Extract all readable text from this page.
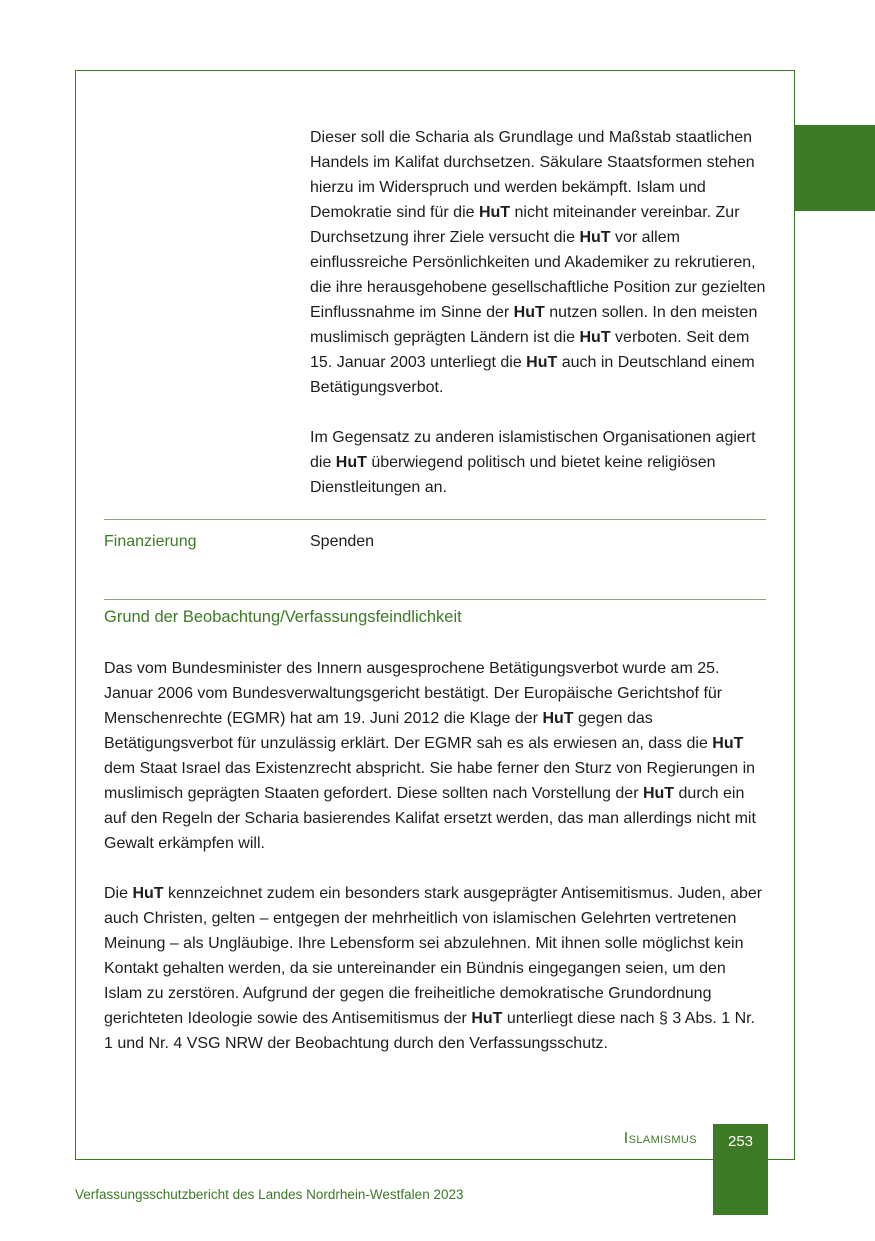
Dieser soll die Scharia als Grundlage und Maßstab staatlichen Handels im Kalifat durchsetzen. Säkulare Staatsformen stehen hierzu im Widerspruch und werden bekämpft. Islam und Demokratie sind für die HuT nicht miteinander vereinbar. Zur Durchsetzung ihrer Ziele versucht die HuT vor allem einflussreiche Persönlichkeiten und Akademiker zu rekrutieren, die ihre herausgehobene gesellschaftliche Position zur gezielten Einflussnahme im Sinne der HuT nutzen sollen. In den meisten muslimisch geprägten Ländern ist die HuT verboten. Seit dem 15. Januar 2003 unterliegt die HuT auch in Deutschland einem Betätigungsverbot.

Im Gegensatz zu anderen islamistischen Organisationen agiert die HuT überwiegend politisch und bietet keine religiösen Dienstleitungen an.

Finanzierung	Spenden
Grund der Beobachtung/Verfassungsfeindlichkeit

Das vom Bundesminister des Innern ausgesprochene Betätigungsverbot wurde am 25. Januar 2006 vom Bundesverwaltungsgericht bestätigt. Der Europäische Gerichtshof für Menschenrechte (EGMR) hat am 19. Juni 2012 die Klage der HuT gegen das Betätigungsverbot für unzulässig erklärt. Der EGMR sah es als erwiesen an, dass die HuT dem Staat Israel das Existenzrecht abspricht. Sie habe ferner den Sturz von Regierungen in muslimisch geprägten Staaten gefordert. Diese sollten nach Vorstellung der HuT durch ein auf den Regeln der Scharia basierendes Kalifat ersetzt werden, das man allerdings nicht mit Gewalt erkämpfen will.

Die HuT kennzeichnet zudem ein besonders stark ausgeprägter Antisemitismus. Juden, aber auch Christen, gelten – entgegen der mehrheitlich von islamischen Gelehrten vertretenen Meinung – als Ungläubige. Ihre Lebensform sei abzulehnen. Mit ihnen solle möglichst kein Kontakt gehalten werden, da sie untereinander ein Bündnis eingegangen seien, um den Islam zu zerstören. Aufgrund der gegen die freiheitliche demokratische Grundordnung gerichteten Ideologie sowie des Antisemitismus der HuT unterliegt diese nach § 3 Abs. 1 Nr. 1 und Nr. 4 VSG NRW der Beobachtung durch den Verfassungsschutz.

Islamismus	253
Verfassungsschutzbericht des Landes Nordrhein-Westfalen 2023
